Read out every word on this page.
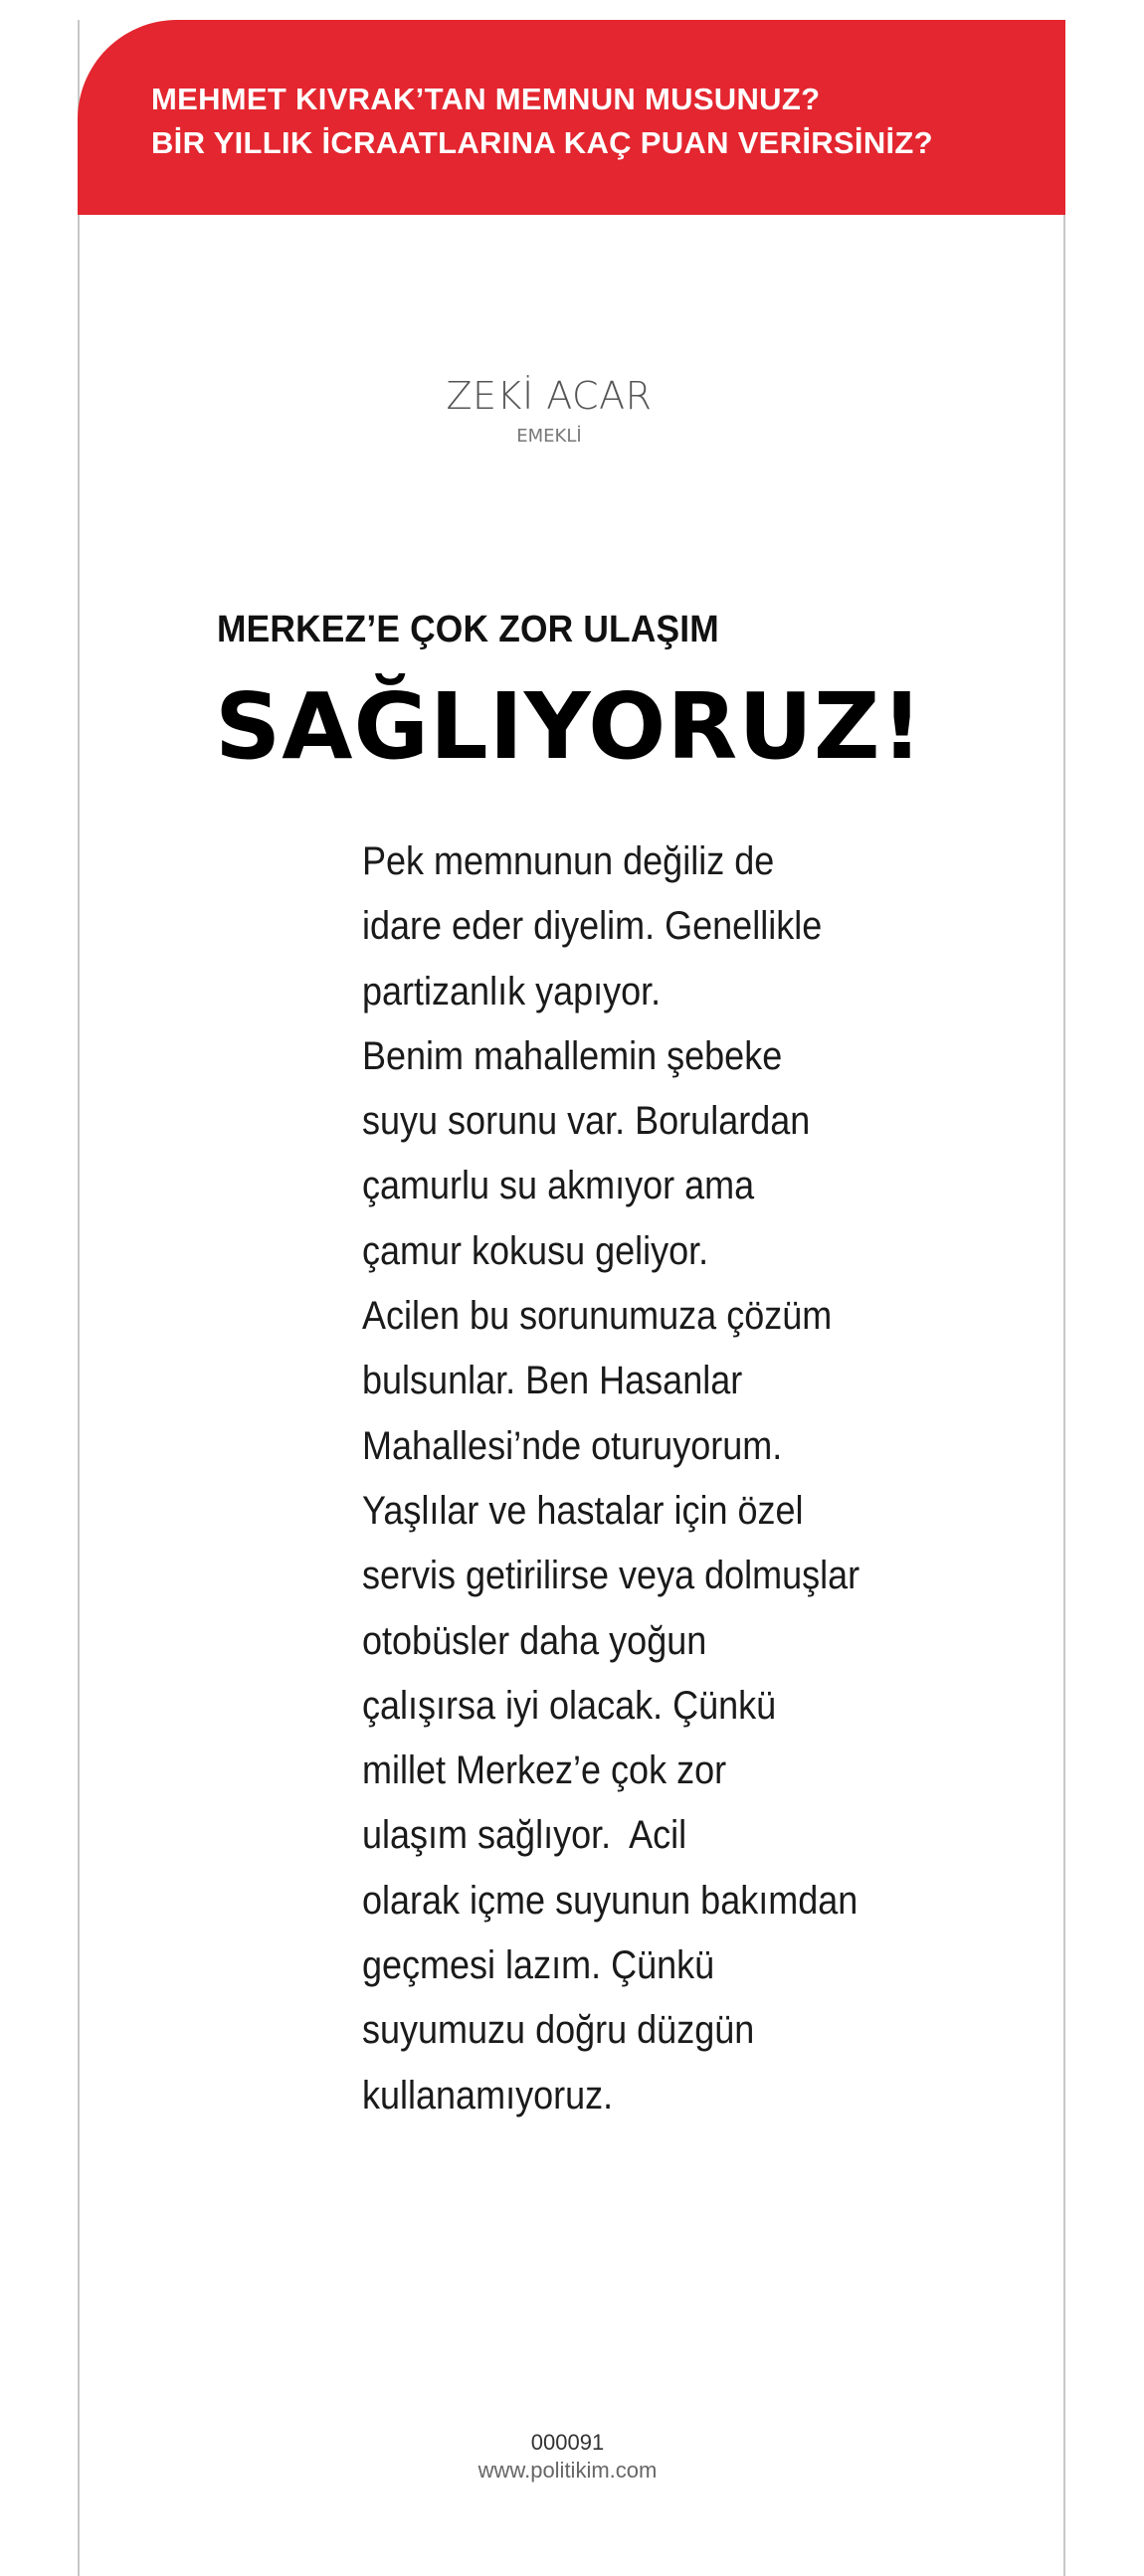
MEHMET KIVRAK’TAN MEMNUN MUSUNUZ?
BİR YILLIK İCRAATLARINA KAÇ PUAN VERİRSİNİZ?
ZEKİ ACAR
EMEKLİ
MERKEZ’E ÇOK ZOR ULAŞIM
SAĞLIYORUZ!
Pek memnunun değiliz de
idare eder diyelim. Genellikle
partizanlık yapıyor.
Benim mahallemin şebeke
suyu sorunu var. Borulardan
çamurlu su akmıyor ama
çamur kokusu geliyor.
Acilen bu sorunumuza çözüm
bulsunlar. Ben Hasanlar
Mahallesi’nde oturuyorum.
Yaşlılar ve hastalar için özel
servis getirilirse veya dolmuşlar
otobüsler daha yoğun
çalışırsa iyi olacak. Çünkü
millet Merkez’e çok zor
ulaşım sağlıyor.  Acil
olarak içme suyunun bakımdan
geçmesi lazım. Çünkü
suyumuzu doğru düzgün
kullanamıyoruz.
000091
www.politikim.com
